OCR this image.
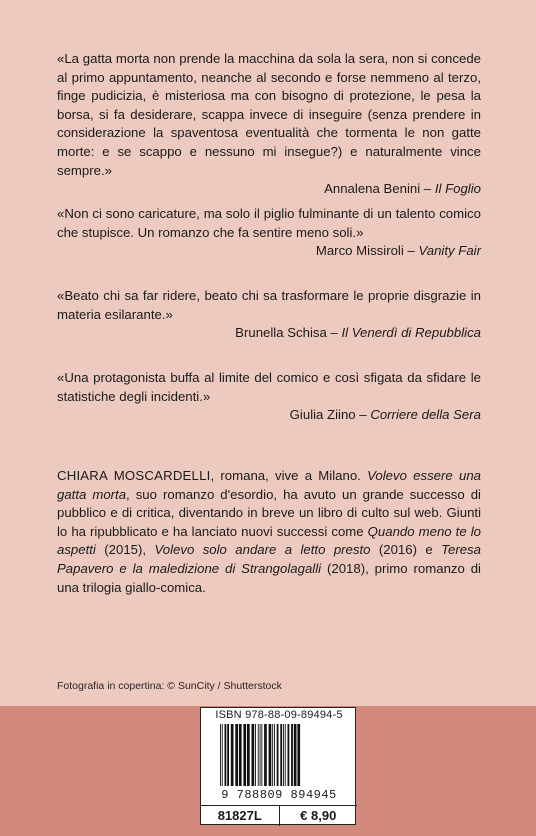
«La gatta morta non prende la macchina da sola la sera, non si concede al primo appuntamento, neanche al secondo e forse nemmeno al terzo, finge pudicizia, è misteriosa ma con bisogno di protezione, le pesa la borsa, si fa desiderare, scappa invece di inseguire (senza prendere in considerazione la spaventosa eventualità che tormenta le non gatte morte: e se scappo e nessuno mi insegue?) e naturalmente vince sempre.»

Annalena Benini – Il Foglio

«Non ci sono caricature, ma solo il piglio fulminante di un talento comico che stupisce. Un romanzo che fa sentire meno soli.»

Marco Missiroli – Vanity Fair

«Beato chi sa far ridere, beato chi sa trasformare le proprie disgrazie in materia esilarante.»

Brunella Schisa – Il Venerdì di Repubblica

«Una protagonista buffa al limite del comico e così sfigata da sfidare le statistiche degli incidenti.»

Giulia Ziino – Corriere della Sera
CHIARA MOSCARDELLI, romana, vive a Milano. Volevo essere una gatta morta, suo romanzo d'esordio, ha avuto un grande successo di pubblico e di critica, diventando in breve un libro di culto sul web. Giunti lo ha ripubblicato e ha lanciato nuovi successi come Quando meno te lo aspetti (2015), Volevo solo andare a letto presto (2016) e Teresa Papavero e la maledizione di Strangolagalli (2018), primo romanzo di una trilogia giallo-comica.
Fotografia in copertina: © SunCity / Shutterstock
ISBN 978-88-09-89494-5
9 788809 894945
81827L	€ 8,90
